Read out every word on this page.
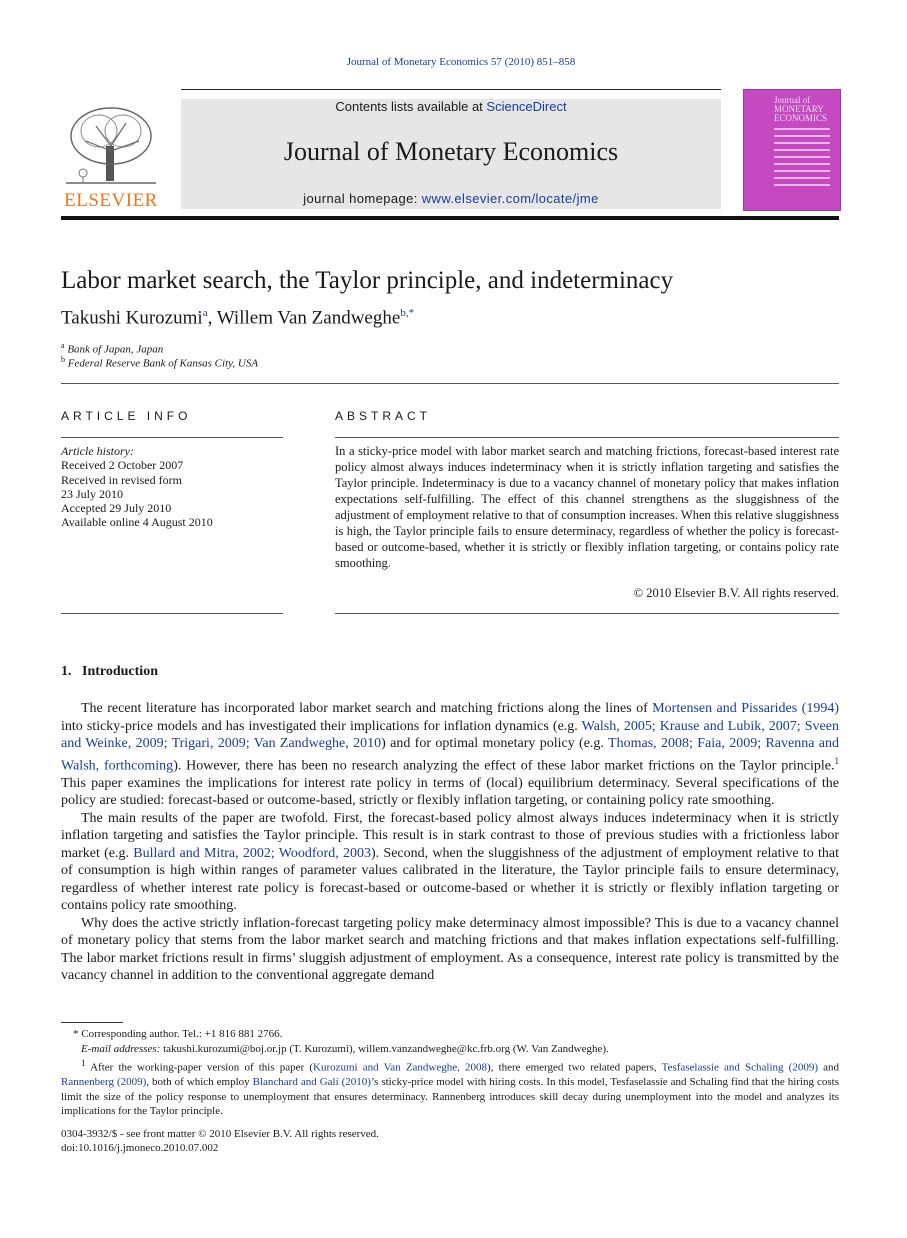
Journal of Monetary Economics 57 (2010) 851–858
ELSEVIER
Contents lists available at ScienceDirect
Journal of Monetary Economics
journal homepage: www.elsevier.com/locate/jme
Journal of MONETARY ECONOMICS
Labor market search, the Taylor principle, and indeterminacy
Takushi Kurozumi$^a$, Willem Van Zandweghe$^{b,*}$
$^a$ Bank of Japan, Japan
$^b$ Federal Reserve Bank of Kansas City, USA
ARTICLE INFO
Article history:
Received 2 October 2007
Received in revised form
23 July 2010
Accepted 29 July 2010
Available online 4 August 2010
ABSTRACT
In a sticky-price model with labor market search and matching frictions, forecast-based interest rate policy almost always induces indeterminacy when it is strictly inflation targeting and satisfies the Taylor principle. Indeterminacy is due to a vacancy channel of monetary policy that makes inflation expectations self-fulfilling. The effect of this channel strengthens as the sluggishness of the adjustment of employment relative to that of consumption increases. When this relative sluggishness is high, the Taylor principle fails to ensure determinacy, regardless of whether the policy is forecast-based or outcome-based, whether it is strictly or flexibly inflation targeting, or contains policy rate smoothing.
© 2010 Elsevier B.V. All rights reserved.
1.   Introduction

The recent literature has incorporated labor market search and matching frictions along the lines of Mortensen and Pissarides (1994) into sticky-price models and has investigated their implications for inflation dynamics (e.g. Walsh, 2005; Krause and Lubik, 2007; Sveen and Weinke, 2009; Trigari, 2009; Van Zandweghe, 2010) and for optimal monetary policy (e.g. Thomas, 2008; Faia, 2009; Ravenna and Walsh, forthcoming). However, there has been no research analyzing the effect of these labor market frictions on the Taylor principle.$^1$ This paper examines the implications for interest rate policy in terms of (local) equilibrium determinacy. Several specifications of the policy are studied: forecast-based or outcome-based, strictly or flexibly inflation targeting, or containing policy rate smoothing.

The main results of the paper are twofold. First, the forecast-based policy almost always induces indeterminacy when it is strictly inflation targeting and satisfies the Taylor principle. This result is in stark contrast to those of previous studies with a frictionless labor market (e.g. Bullard and Mitra, 2002; Woodford, 2003). Second, when the sluggishness of the adjustment of employment relative to that of consumption is high within ranges of parameter values calibrated in the literature, the Taylor principle fails to ensure determinacy, regardless of whether interest rate policy is forecast-based or outcome-based or whether it is strictly or flexibly inflation targeting or contains policy rate smoothing.

Why does the active strictly inflation-forecast targeting policy make determinacy almost impossible? This is due to a vacancy channel of monetary policy that stems from the labor market search and matching frictions and that makes inflation expectations self-fulfilling. The labor market frictions result in firms’ sluggish adjustment of employment. As a consequence, interest rate policy is transmitted by the vacancy channel in addition to the conventional aggregate demand

* Corresponding author. Tel.: +1 816 881 2766.

E-mail addresses: takushi.kurozumi@boj.or.jp (T. Kurozumi), willem.vanzandweghe@kc.frb.org (W. Van Zandweghe).

$^1$ After the working-paper version of this paper (Kurozumi and Van Zandweghe, 2008), there emerged two related papers, Tesfaselassie and Schaling (2009) and Rannenberg (2009), both of which employ Blanchard and Galí (2010)’s sticky-price model with hiring costs. In this model, Tesfaselassie and Schaling find that the hiring costs limit the size of the policy response to unemployment that ensures determinacy. Rannenberg introduces skill decay during unemployment into the model and analyzes its implications for the Taylor principle.

0304-3932/$ - see front matter © 2010 Elsevier B.V. All rights reserved.
doi:10.1016/j.jmoneco.2010.07.002
